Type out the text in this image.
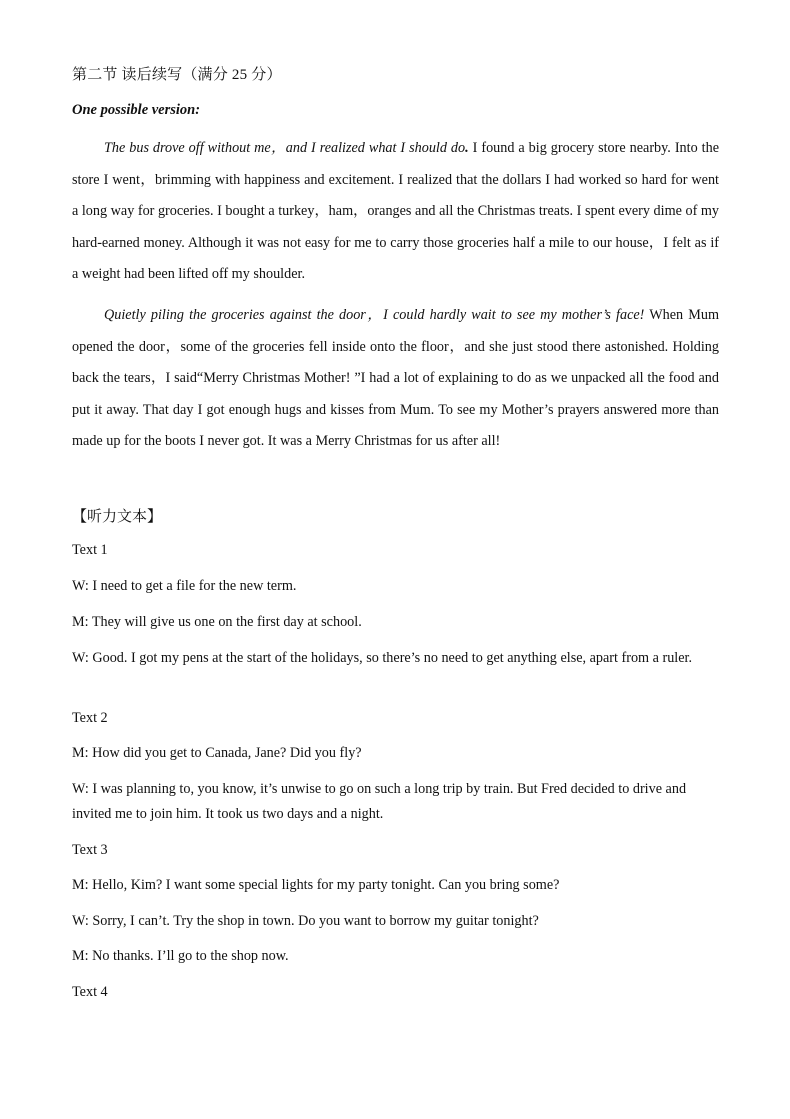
第二节 读后续写（满分 25 分）
One possible version:
The bus drove off without me，and I realized what I should do. I found a big grocery store nearby. Into the store I went，brimming with happiness and excitement. I realized that the dollars I had worked so hard for went a long way for groceries. I bought a turkey，ham，oranges and all the Christmas treats. I spent every dime of my hard-earned money. Although it was not easy for me to carry those groceries half a mile to our house，I felt as if a weight had been lifted off my shoulder.
Quietly piling the groceries against the door，I could hardly wait to see my mother’s face! When Mum opened the door，some of the groceries fell inside onto the floor，and she just stood there astonished. Holding back the tears，I said“Merry Christmas Mother! ”I had a lot of explaining to do as we unpacked all the food and put it away. That day I got enough hugs and kisses from Mum. To see my Mother’s prayers answered more than made up for the boots I never got. It was a Merry Christmas for us after all!
【听力文本】
Text 1
W: I need to get a file for the new term.
M: They will give us one on the first day at school.
W: Good. I got my pens at the start of the holidays, so there’s no need to get anything else, apart from a ruler.
Text 2
M: How did you get to Canada, Jane? Did you fly?
W: I was planning to, you know, it’s unwise to go on such a long trip by train. But Fred decided to drive and invited me to join him. It took us two days and a night.
Text 3
M: Hello, Kim? I want some special lights for my party tonight. Can you bring some?
W: Sorry, I can’t. Try the shop in town. Do you want to borrow my guitar tonight?
M: No thanks. I’ll go to the shop now.
Text 4
